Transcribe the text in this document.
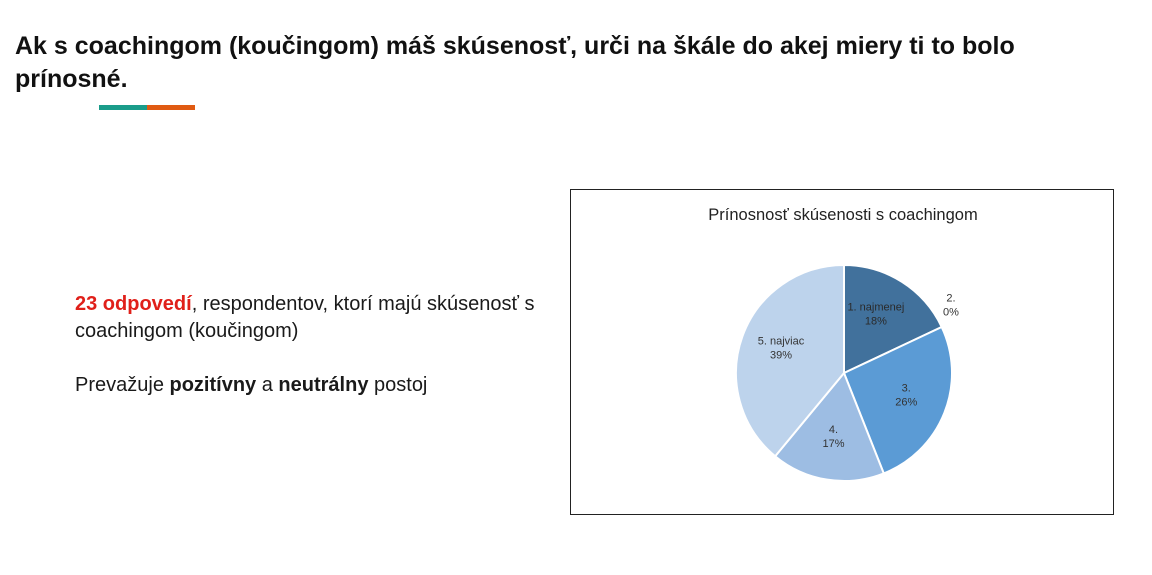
Ak s coachingom (koučingom) máš skúsenosť, urči na škále do akej miery ti to bolo prínosné.

23 odpovedí, respondentov, ktorí majú skúsenosť s coachingom (koučingom)

Prevažuje pozitívny a neutrálny postoj

Prínosnosť skúsenosti s coachingom
1. najmenej 18%
2. 0%
3. 26%
4. 17%
5. najviac 39%
